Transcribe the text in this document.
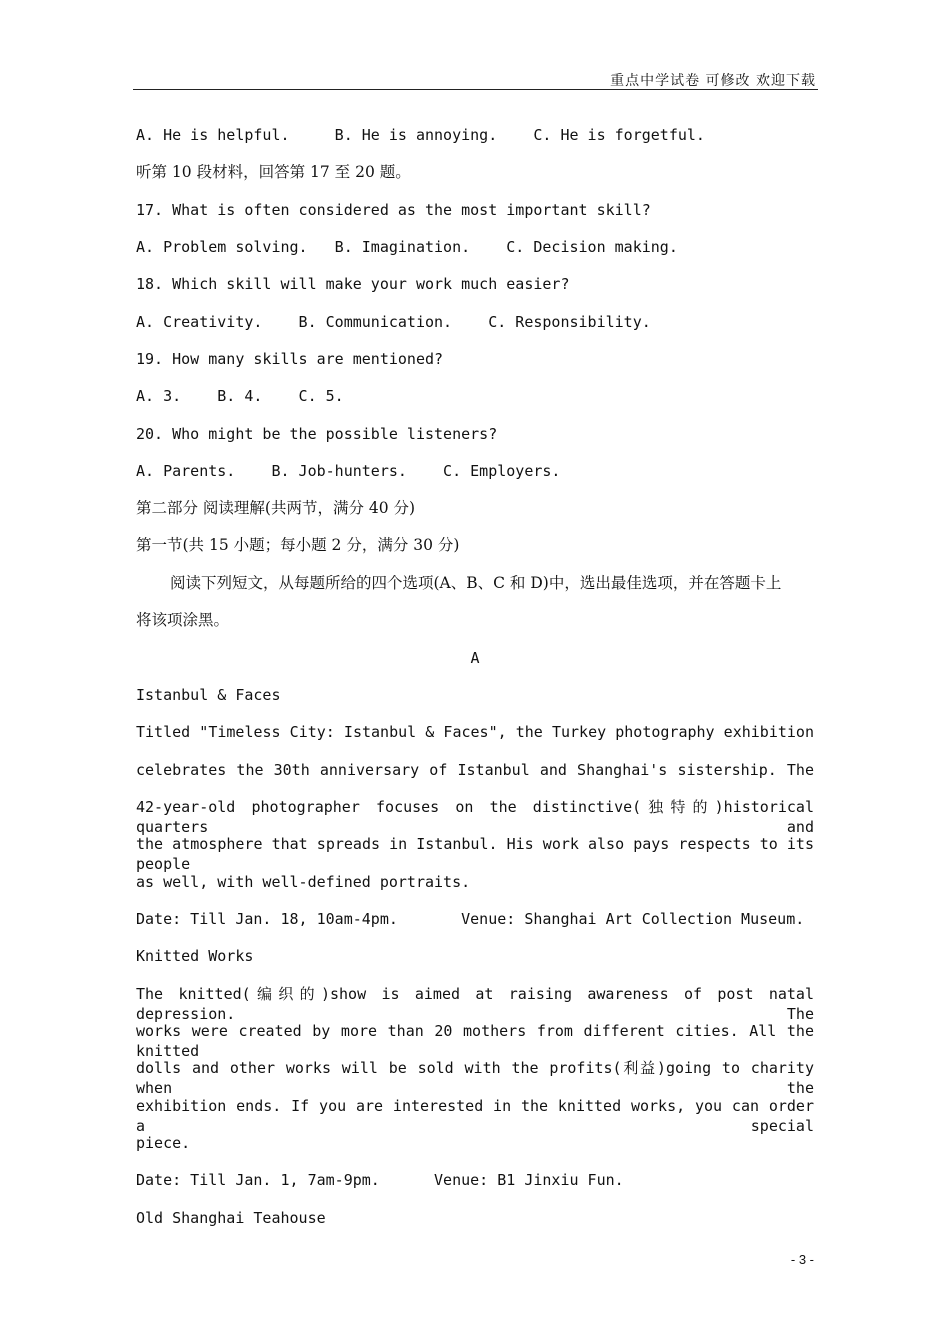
重点中学试卷 可修改 欢迎下载
A. He is helpful.     B. He is annoying.    C. He is forgetful.
听第 10 段材料，回答第 17 至 20 题。
17. What is often considered as the most important skill?
A. Problem solving.   B. Imagination.    C. Decision making.
18. Which skill will make your work much easier?
A. Creativity.    B. Communication.    C. Responsibility.
19. How many skills are mentioned?
A. 3.    B. 4.    C. 5.
20. Who might be the possible listeners?
A. Parents.    B. Job-hunters.    C. Employers.
第二部分 阅读理解(共两节，满分 40 分)
第一节(共 15 小题；每小题 2 分，满分 30 分)
阅读下列短文，从每题所给的四个选项(A、B、C 和 D)中，选出最佳选项，并在答题卡上
将该项涂黑。
A
Istanbul & Faces
Titled "Timeless City: Istanbul & Faces", the Turkey photography exhibition
celebrates the 30th anniversary of Istanbul and Shanghai's sistership. The
42-year-old photographer focuses on the distinctive(独特的)historical quarters and
the atmosphere that spreads in Istanbul. His work also pays respects to its people
as well, with well-defined portraits.
Date: Till Jan. 18, 10am-4pm.       Venue: Shanghai Art Collection Museum.
Knitted Works
The knitted(编织的)show is aimed at raising awareness of post natal depression. The
works were created by more than 20 mothers from different cities. All the knitted
dolls and other works will be sold with the profits(利益)going to charity when the
exhibition ends. If you are interested in the knitted works, you can order a special
piece.
Date: Till Jan. 1, 7am-9pm.      Venue: B1 Jinxiu Fun.
Old Shanghai Teahouse
- 3 -
